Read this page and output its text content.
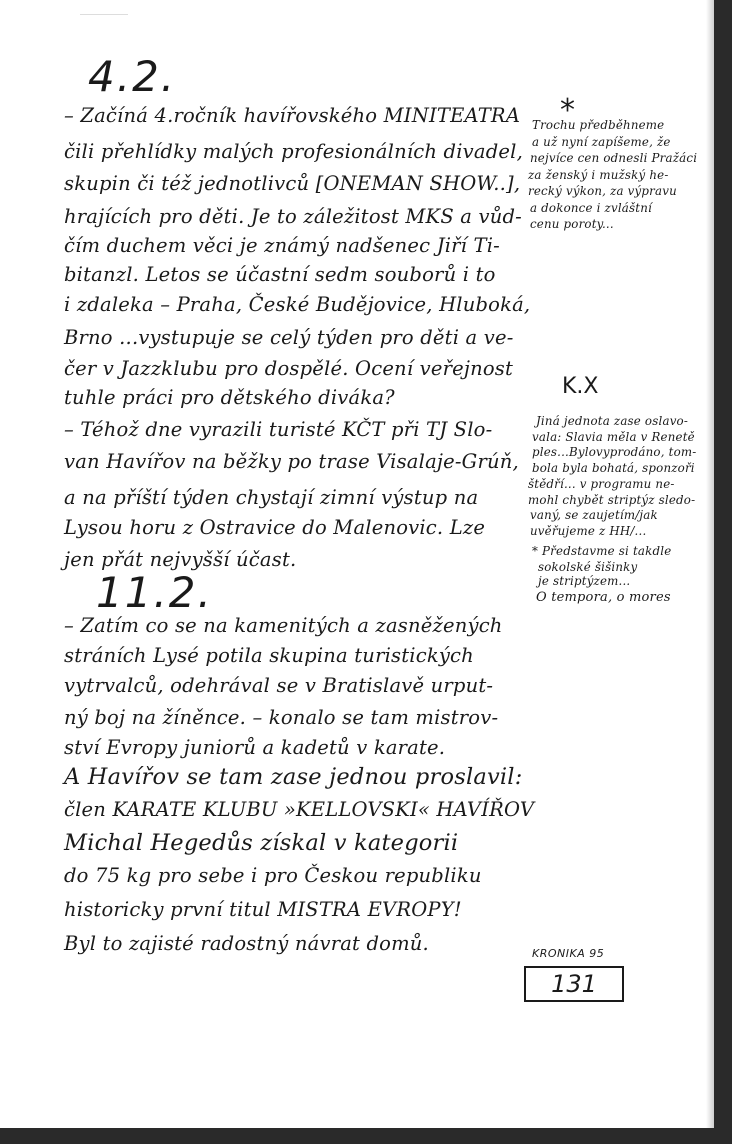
4.2.
11.2.
– Začíná 4.ročník havířovského MINITEATRA
čili přehlídky malých profesionálních divadel,
skupin či též jednotlivců [ONEMAN SHOW..],
hrajících pro děti. Je to záležitost MKS a vůd-
čím duchem věci je známý nadšenec Jiří Ti-
bitanzl. Letos se účastní sedm souborů i to
i zdaleka – Praha, České Budějovice, Hluboká,
Brno ...vystupuje se celý týden pro děti a ve-
čer v Jazzklubu pro dospělé. Ocení veřejnost
tuhle práci pro dětského diváka?
– Téhož dne vyrazili turisté KČT při TJ Slo-
van Havířov na běžky po trase Visalaje-Grúň,
a na příští týden chystají zimní výstup na
Lysou horu z Ostravice do Malenovic. Lze
jen přát nejvyšší účast.
– Zatím co se na kamenitých a zasněžených
stráních Lysé potila skupina turistických
vytrvalců, odehrával se v Bratislavě urput-
ný boj na žíněnce. – konalo se tam mistrov-
ství Evropy juniorů a kadetů v karate.
A Havířov se tam zase jednou proslavil:
člen KARATE KLUBU »KELLOVSKI« HAVÍŘOV
Michal Hegedůs získal v kategorii
do 75 kg pro sebe i pro Českou republiku
historicky první titul MISTRA EVROPY!
Byl to zajisté radostný návrat domů.
*
Trochu předběhneme
a už nyní zapíšeme, že
nejvíce cen odnesli Pražáci
za ženský i mužský he-
recký výkon, za výpravu
a dokonce i zvláštní
cenu poroty...
K.X
Jiná jednota zase oslavo-
vala: Slavia měla v Renetě
ples...Bylovyprodáno, tom-
bola byla bohatá, sponzoři
štědří... v programu ne-
mohl chybět striptýz sledo-
vaný, se zaujetím/jak
uvěřujeme z HH/...
* Představme si takdle
sokolské šišinky
je striptýzem...
O tempora, o mores
KRONIKA 95
131
